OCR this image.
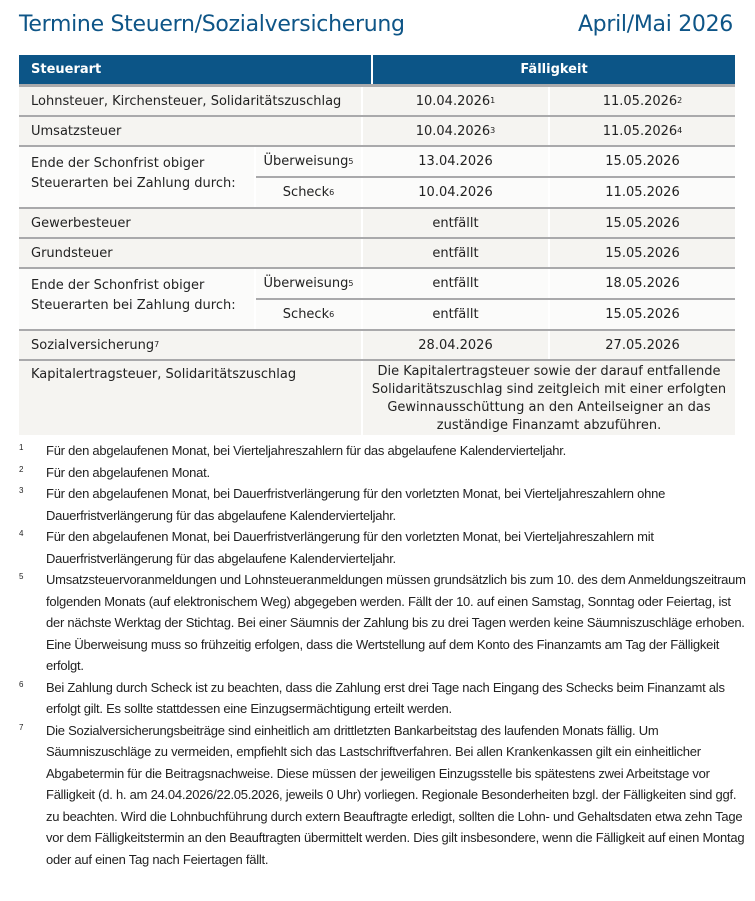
Termine Steuern/Sozialversicherung	April/Mai 2026
Steuerart	Fälligkeit
Lohnsteuer, Kirchensteuer, Solidaritätszuschlag	10.04.2026 1	11.05.2026 2
Umsatzsteuer	10.04.2026 3	11.05.2026 4
Ende der Schonfrist obiger Steuerarten bei Zahlung durch:
Überweisung 5	13.04.2026	15.05.2026
Scheck 6	10.04.2026	11.05.2026
Gewerbesteuer	entfällt	15.05.2026
Grundsteuer	entfällt	15.05.2026
Ende der Schonfrist obiger Steuerarten bei Zahlung durch:
Überweisung 5	entfällt	18.05.2026
Scheck 6	entfällt	15.05.2026
Sozialversicherung 7	28.04.2026	27.05.2026
Kapitalertragsteuer, Solidaritätszuschlag	Die Kapitalertragsteuer sowie der darauf entfallende Solidaritätszuschlag sind zeitgleich mit einer erfolgten Gewinnausschüttung an den Anteilseigner an das zuständige Finanzamt abzuführen.
1	Für den abgelaufenen Monat, bei Vierteljahreszahlern für das abgelaufene Kalendervierteljahr.
2	Für den abgelaufenen Monat.
3	Für den abgelaufenen Monat, bei Dauerfristverlängerung für den vorletzten Monat, bei Vierteljahreszahlern ohne Dauerfristverlängerung für das abgelaufene Kalendervierteljahr.
4	Für den abgelaufenen Monat, bei Dauerfristverlängerung für den vorletzten Monat, bei Vierteljahreszahlern mit Dauerfristverlängerung für das abgelaufene Kalendervierteljahr.
5	Umsatzsteuervoranmeldungen und Lohnsteueranmeldungen müssen grundsätzlich bis zum 10. des dem Anmeldungszeitraum folgenden Monats (auf elektronischem Weg) abgegeben werden. Fällt der 10. auf einen Samstag, Sonntag oder Feiertag, ist der nächste Werktag der Stichtag. Bei einer Säumnis der Zahlung bis zu drei Tagen werden keine Säumniszuschläge erhoben. Eine Überweisung muss so frühzeitig erfolgen, dass die Wertstellung auf dem Konto des Finanzamts am Tag der Fälligkeit erfolgt.
6	Bei Zahlung durch Scheck ist zu beachten, dass die Zahlung erst drei Tage nach Eingang des Schecks beim Finanzamt als erfolgt gilt. Es sollte stattdessen eine Einzugsermächtigung erteilt werden.
7	Die Sozialversicherungsbeiträge sind einheitlich am drittletzten Bankarbeitstag des laufenden Monats fällig. Um Säumniszuschläge zu vermeiden, empfiehlt sich das Lastschriftverfahren. Bei allen Krankenkassen gilt ein einheitlicher Abgabetermin für die Beitragsnachweise. Diese müssen der jeweiligen Einzugsstelle bis spätestens zwei Arbeitstage vor Fälligkeit (d. h. am 24.04.2026/22.05.2026, jeweils 0 Uhr) vorliegen. Regionale Besonderheiten bzgl. der Fälligkeiten sind ggf. zu beachten. Wird die Lohnbuchführung durch extern Beauftragte erledigt, sollten die Lohn- und Gehaltsdaten etwa zehn Tage vor dem Fälligkeitstermin an den Beauftragten übermittelt werden. Dies gilt insbesondere, wenn die Fälligkeit auf einen Montag oder auf einen Tag nach Feiertagen fällt.
